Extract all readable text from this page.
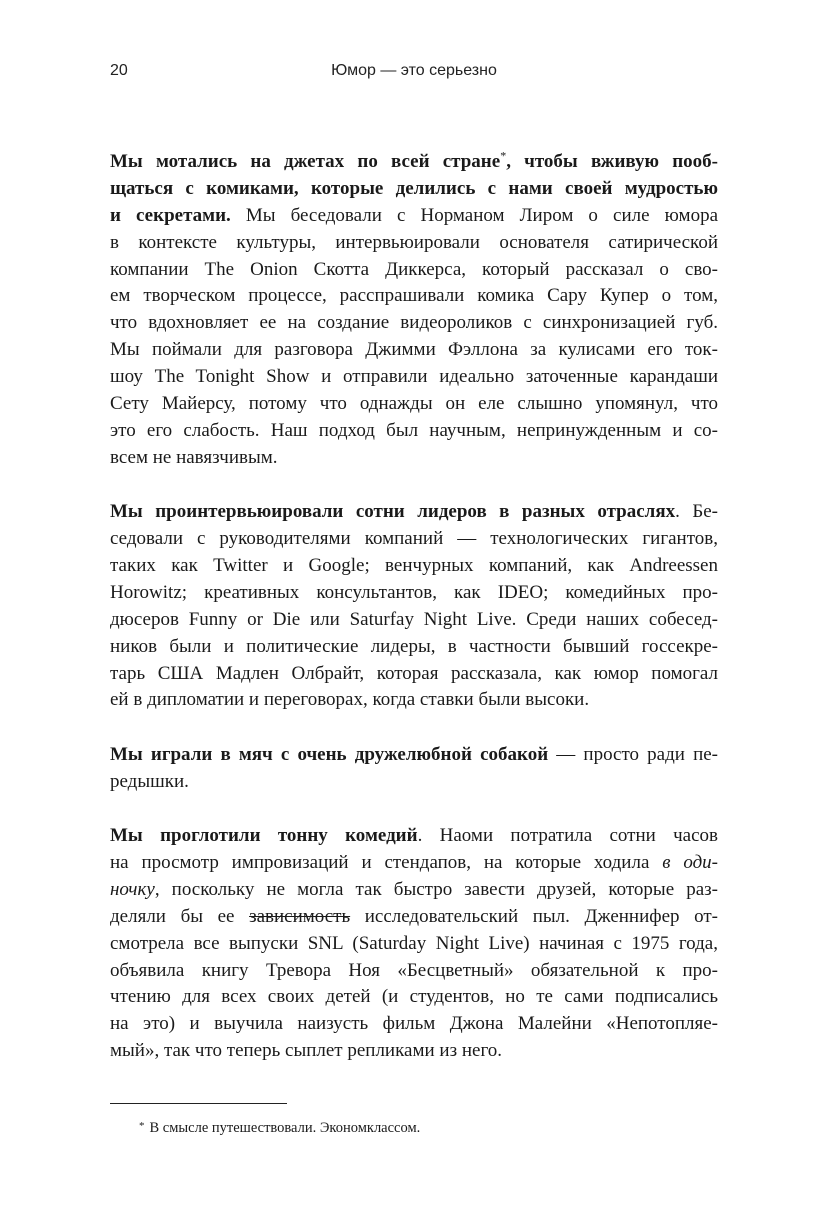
20	Юмор — это серьезно
Мы мотались на джетах по всей стране*, чтобы вживую пооб-
щаться с комиками, которые делились с нами своей мудростью
и секретами. Мы беседовали с Норманом Лиром о силе юмора
в контексте культуры, интервьюировали основателя сатирической
компании The Onion Скотта Диккерса, который рассказал о сво-
ем творческом процессе, расспрашивали комика Сару Купер о том,
что вдохновляет ее на создание видеороликов с синхронизацией губ.
Мы поймали для разговора Джимми Фэллона за кулисами его ток-
шоу The Tonight Show и отправили идеально заточенные карандаши
Сету Майерсу, потому что однажды он еле слышно упомянул, что
это его слабость. Наш подход был научным, непринужденным и со-
всем не навязчивым.
Мы проинтервьюировали сотни лидеров в разных отраслях. Бе-
седовали с руководителями компаний — технологических гигантов,
таких как Twitter и Google; венчурных компаний, как Andreessen
Horowitz; креативных консультантов, как IDEO; комедийных про-
дюсеров Funny or Die или Saturfay Night Live. Среди наших собесед-
ников были и политические лидеры, в частности бывший госсекре-
тарь США Мадлен Олбрайт, которая рассказала, как юмор помогал
ей в дипломатии и переговорах, когда ставки были высоки.
Мы играли в мяч с очень дружелюбной собакой — просто ради пе-
редышки.
Мы проглотили тонну комедий. Наоми потратила сотни часов
на просмотр импровизаций и стендапов, на которые ходила в оди-
ночку, поскольку не могла так быстро завести друзей, которые раз-
деляли бы ее зависимость исследовательский пыл. Дженнифер от-
смотрела все выпуски SNL (Saturday Night Live) начиная с 1975 года,
объявила книгу Тревора Ноя «Бесцветный» обязательной к про-
чтению для всех своих детей (и студентов, но те сами подписались
на это) и выучила наизусть фильм Джона Малейни «Непотопляе-
мый», так что теперь сыплет репликами из него.
* В смысле путешествовали. Экономклассом.
